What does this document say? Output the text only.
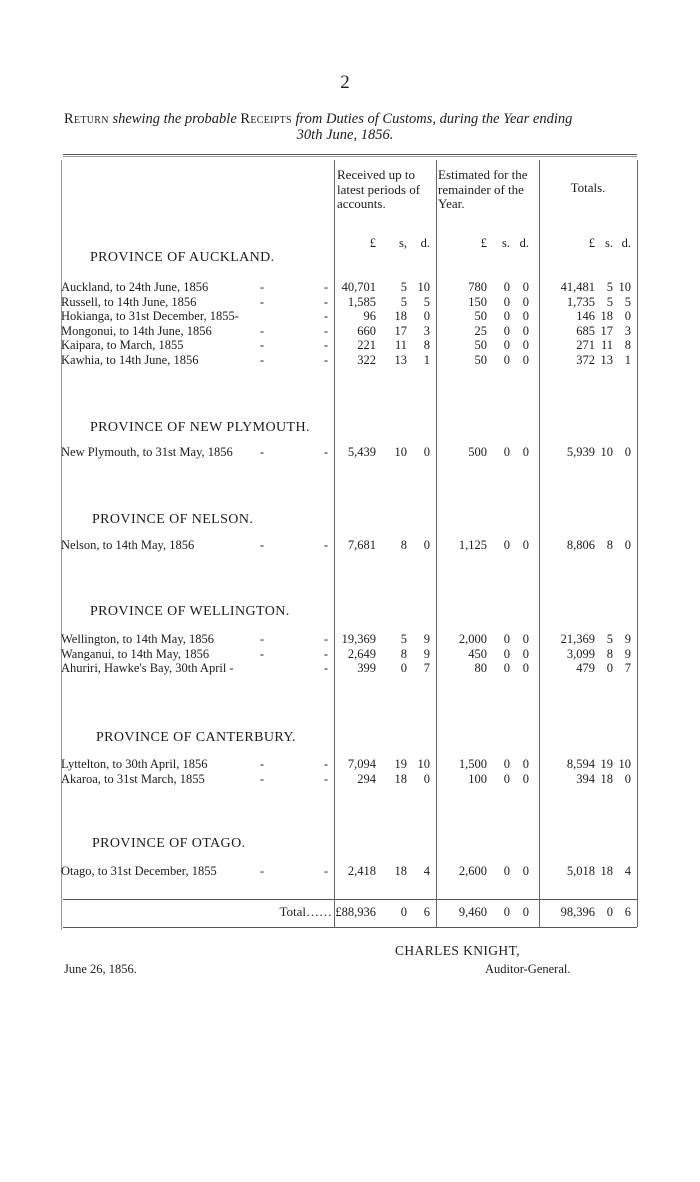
2
Return shewing the probable Receipts from Duties of Customs, during the Year ending
30th June, 1856.
Received up to latest periods of accounts.
Estimated for the remainder of the Year.
Totals.
£	s,	d.	£	s. d.	£ s. d.
PROVINCE OF AUCKLAND.
Auckland, to 24th June, 1856	-	-	40,701	5 10	780	0	0	41,481 5 10
Russell, to 14th June, 1856	-	-	1,585	5	5	150	0	0	1,735 5 5
Hokianga, to 31st December, 1855-	-	96	18	0	50	0	0	146 18 0
Mongonui, to 14th June, 1856	-	-	660	17	3	25	0	0	685 17 3
Kaipara, to March, 1855	-	-	221	11	8	50	0	0	271 11 8
Kawhia, to 14th June, 1856	-	-	322	13	1	50	0	0	372 13 1
PROVINCE OF NEW PLYMOUTH.
New Plymouth, to 31st May, 1856	-	-	5,439	10	0	500	0	0	5,939 10 0
PROVINCE OF NELSON.
Nelson, to 14th May, 1856	-	-	7,681	8	0	1,125	0	0	8,806 8 0
PROVINCE OF WELLINGTON.
Wellington, to 14th May, 1856	-	-	19,369	5	9	2,000	0	0	21,369 5 9
Wanganui, to 14th May, 1856	-	-	2,649	8	9	450	0	0	3,099 8 9
Ahuriri, Hawke's Bay, 30th April -	-	399	0	7	80	0	0	479 0 7
PROVINCE OF CANTERBURY.
Lyttelton, to 30th April, 1856	-	-	7,094	19 10	1,500	0	0	8,594 19 10
Akaroa, to 31st March, 1855	-	-	294	18	0	100	0	0	394 18 0
PROVINCE OF OTAGO.
Otago, to 31st December, 1855	-	-	2,418	18	4	2,600	0	0	5,018 18 4
Total…… £88,936	0	6	9,460	0	0	98,396 0 6
CHARLES KNIGHT,
Auditor-General.
June 26, 1856.
